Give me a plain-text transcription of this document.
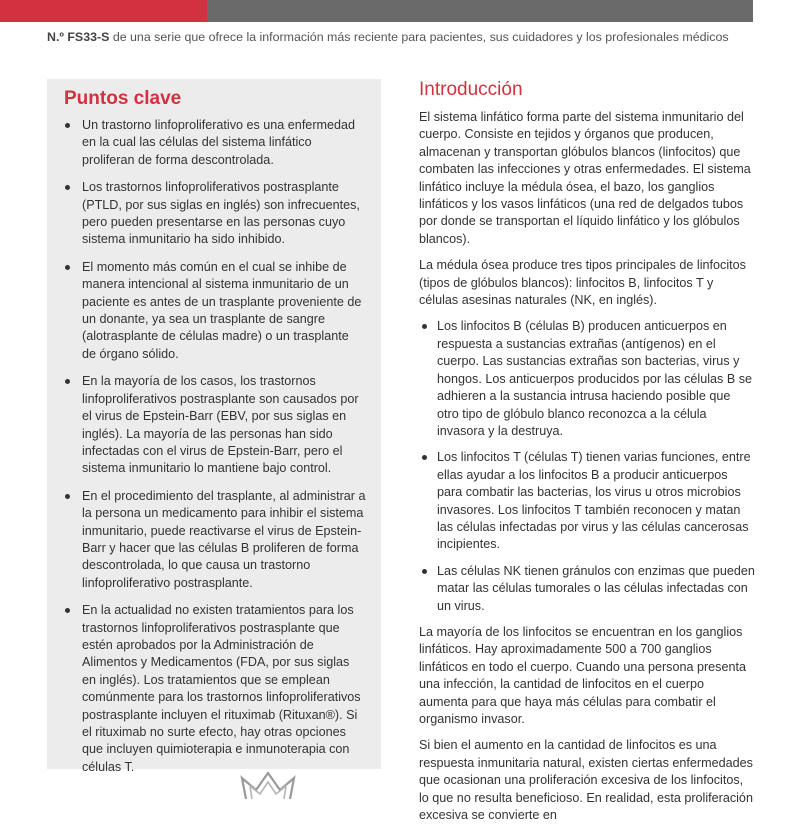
N.º FS33-S de una serie que ofrece la información más reciente para pacientes, sus cuidadores y los profesionales médicos
Puntos clave
Un trastorno linfoproliferativo es una enfermedad en la cual las células del sistema linfático proliferan de forma descontrolada.
Los trastornos linfoproliferativos postrasplante (PTLD, por sus siglas en inglés) son infrecuentes, pero pueden presentarse en las personas cuyo sistema inmunitario ha sido inhibido.
El momento más común en el cual se inhibe de manera intencional al sistema inmunitario de un paciente es antes de un trasplante proveniente de un donante, ya sea un trasplante de sangre (alotrasplante de células madre) o un trasplante de órgano sólido.
En la mayoría de los casos, los trastornos linfoproliferativos postrasplante son causados por el virus de Epstein-Barr (EBV, por sus siglas en inglés). La mayoría de las personas han sido infectadas con el virus de Epstein-Barr, pero el sistema inmunitario lo mantiene bajo control.
En el procedimiento del trasplante, al administrar a la persona un medicamento para inhibir el sistema inmunitario, puede reactivarse el virus de Epstein-Barr y hacer que las células B proliferen de forma descontrolada, lo que causa un trastorno linfoproliferativo postrasplante.
En la actualidad no existen tratamientos para los trastornos linfoproliferativos postrasplante que estén aprobados por la Administración de Alimentos y Medicamentos (FDA, por sus siglas en inglés). Los tratamientos que se emplean comúnmente para los trastornos linfoproliferativos postrasplante incluyen el rituximab (Rituxan®). Si el rituximab no surte efecto, hay otras opciones que incluyen quimioterapia e inmunoterapia con células T.
Introducción

El sistema linfático forma parte del sistema inmunitario del cuerpo. Consiste en tejidos y órganos que producen, almacenan y transportan glóbulos blancos (linfocitos) que combaten las infecciones y otras enfermedades. El sistema linfático incluye la médula ósea, el bazo, los ganglios linfáticos y los vasos linfáticos (una red de delgados tubos por donde se transportan el líquido linfático y los glóbulos blancos).

La médula ósea produce tres tipos principales de linfocitos (tipos de glóbulos blancos): linfocitos B, linfocitos T y células asesinas naturales (NK, en inglés).

Los linfocitos B (células B) producen anticuerpos en respuesta a sustancias extrañas (antígenos) en el cuerpo. Las sustancias extrañas son bacterias, virus y hongos. Los anticuerpos producidos por las células B se adhieren a la sustancia intrusa haciendo posible que otro tipo de glóbulo blanco reconozca a la célula invasora y la destruya.
Los linfocitos T (células T) tienen varias funciones, entre ellas ayudar a los linfocitos B a producir anticuerpos para combatir las bacterias, los virus u otros microbios invasores. Los linfocitos T también reconocen y matan las células infectadas por virus y las células cancerosas incipientes.
Las células NK tienen gránulos con enzimas que pueden matar las células tumorales o las células infectadas con un virus.

La mayoría de los linfocitos se encuentran en los ganglios linfáticos. Hay aproximadamente 500 a 700 ganglios linfáticos en todo el cuerpo. Cuando una persona presenta una infección, la cantidad de linfocitos en el cuerpo aumenta para que haya más células para combatir el organismo invasor.

Si bien el aumento en la cantidad de linfocitos es una respuesta inmunitaria natural, existen ciertas enfermedades que ocasionan una proliferación excesiva de los linfocitos, lo que no resulta beneficioso. En realidad, esta proliferación excesiva se convierte en
